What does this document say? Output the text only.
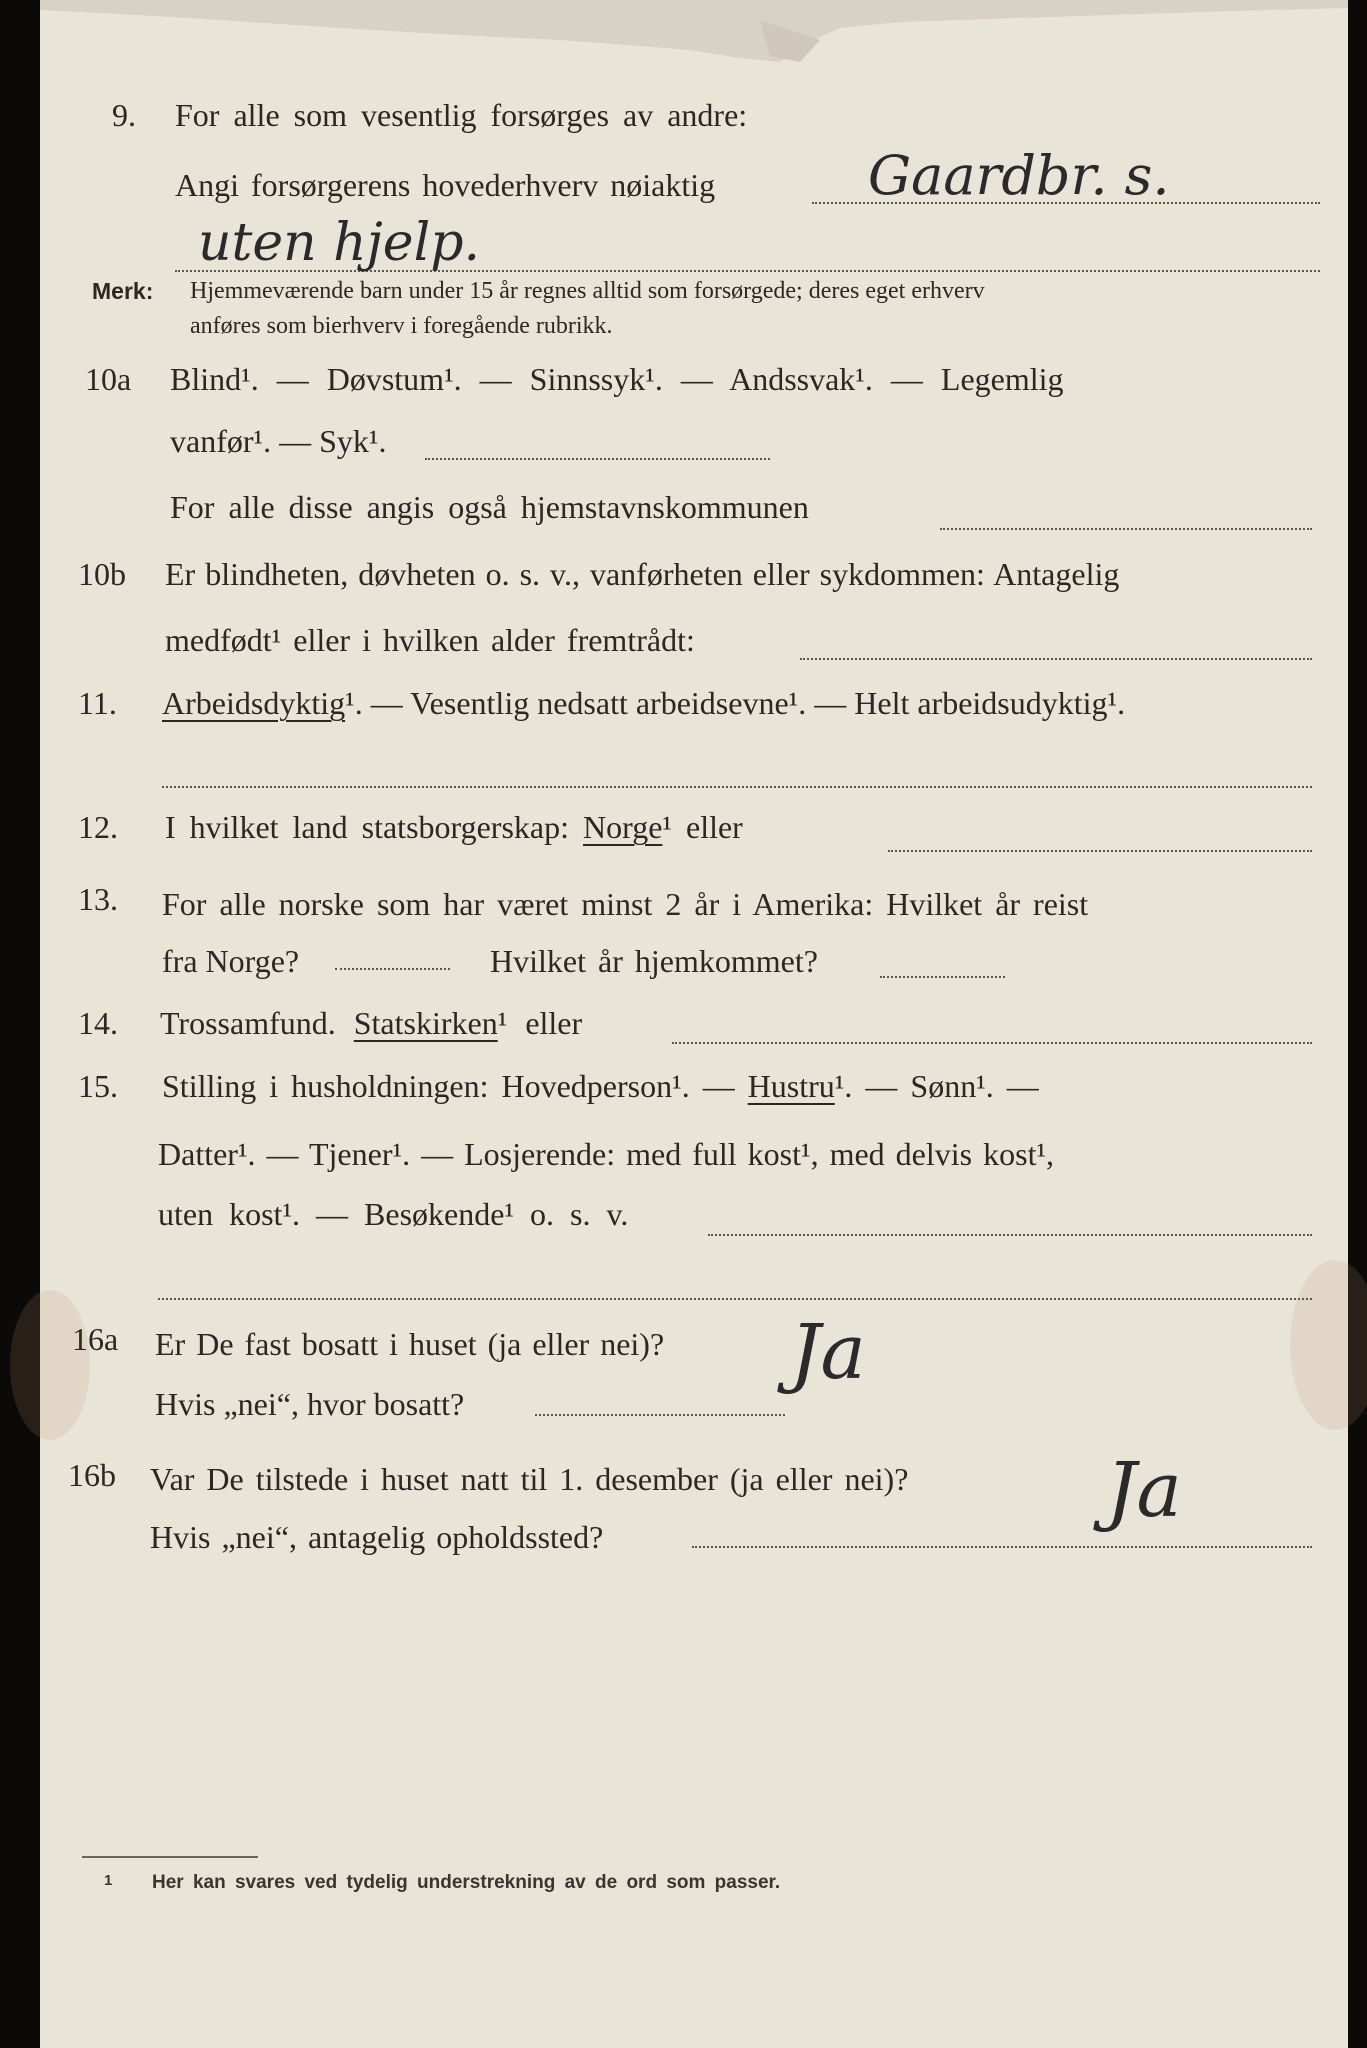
9. For alle som vesentlig forsørges av andre:
Angi forsørgerens hovederhverv nøiaktig	Gaardbr. s.
uten hjelp.
Merk: Hjemmeværende barn under 15 år regnes alltid som forsørgede; deres eget erhverv
anføres som bierhverv i foregående rubrikk.
10a Blind¹. — Døvstum¹. — Sinnssyk¹. — Andssvak¹. — Legemlig
vanfør¹. — Syk¹.
For alle disse angis også hjemstavnskommunen
10b Er blindheten, døvheten o. s. v., vanførheten eller sykdommen: Antagelig
medfødt¹ eller i hvilken alder fremtrådt:
11. Arbeidsdyktig¹. — Vesentlig nedsatt arbeidsevne¹. — Helt arbeidsudyktig¹.
12. I hvilket land statsborgerskap: Norge¹ eller
13. For alle norske som har været minst 2 år i Amerika: Hvilket år reist
fra Norge?	Hvilket år hjemkommet?
14. Trossamfund. Statskirken¹ eller
15. Stilling i husholdningen: Hovedperson¹. — Hustru¹. — Sønn¹. —
Datter¹. — Tjener¹. — Losjerende: med full kost¹, med delvis kost¹,
uten kost¹. — Besøkende¹ o. s. v.
16a Er De fast bosatt i huset (ja eller nei)?
Hvis „nei“, hvor bosatt?
Ja
16b Var De tilstede i huset natt til 1. desember (ja eller nei)?
Hvis „nei“, antagelig opholdssted?
Ja
1 Her kan svares ved tydelig understrekning av de ord som passer.
